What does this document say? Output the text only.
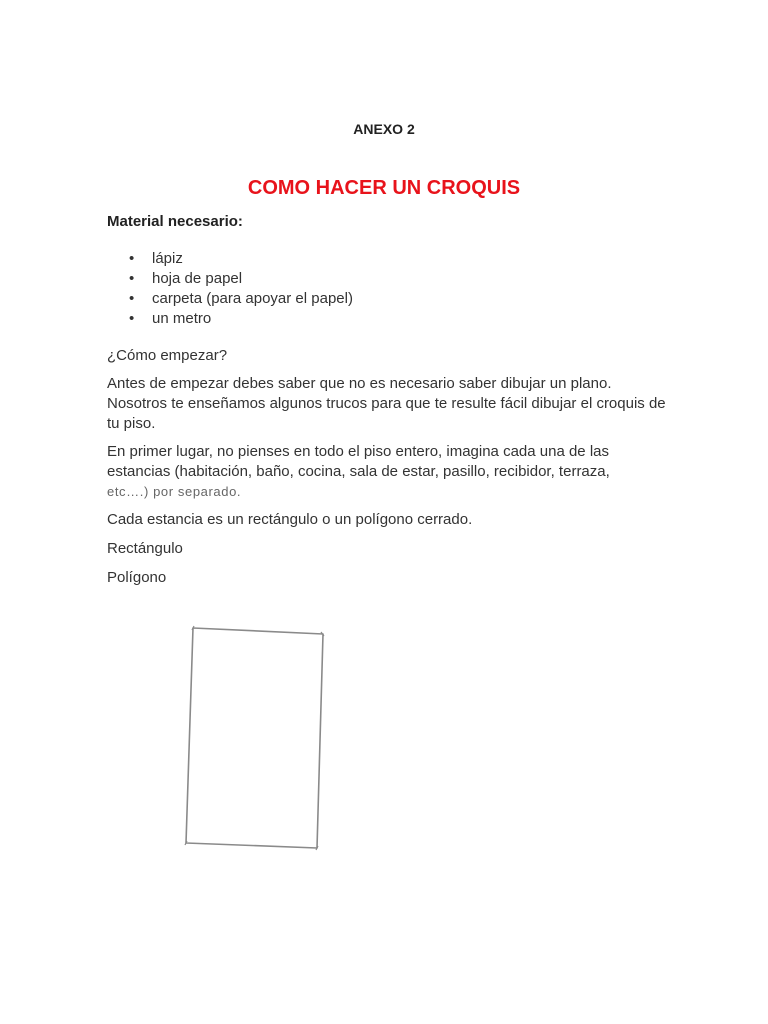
ANEXO 2

COMO HACER UN CROQUIS

Material necesario:

• lápiz
• hoja de papel
• carpeta (para apoyar el papel)
• un metro

¿Cómo empezar?

Antes de empezar debes saber que no es necesario saber dibujar un plano. Nosotros te enseñamos algunos trucos para que te resulte fácil dibujar el croquis de tu piso.

En primer lugar, no pienses en todo el piso entero, imagina cada una de las estancias (habitación, baño, cocina, sala de estar, pasillo, recibidor, terraza,
etc….) por separado.

Cada estancia es un rectángulo o un polígono cerrado.

Rectángulo

Polígono
